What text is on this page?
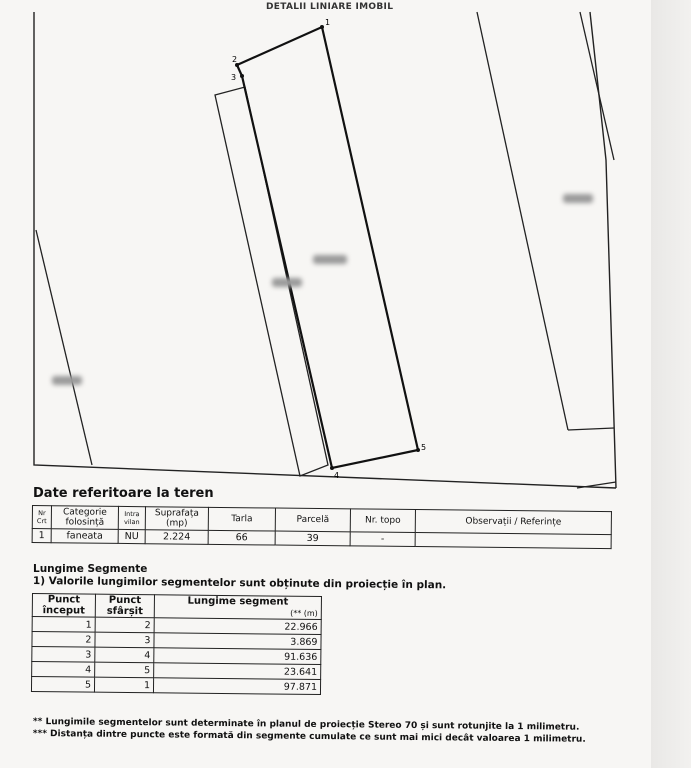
DETALII LINIARE IMOBIL
1
2
3
4
5
Date referitoare la teren
Nr Crt	Categorie folosință	Intra vilan	Suprafața (mp)	Tarla	Parcelă	Nr. topo	Observații / Referințe
1	faneata	NU	2.224	66	39	-	
Lungime Segmente
1) Valorile lungimilor segmentelor sunt obținute din proiecție în plan.
Punct început	Punct sfârșit	Lungime segment
(** (m)

1	2	22.966
2	3	3.869
3	4	91.636
4	5	23.641
5	1	97.871
** Lungimile segmentelor sunt determinate în planul de proiecție Stereo 70 și sunt rotunjite la 1 milimetru.
*** Distanța dintre puncte este formată din segmente cumulate ce sunt mai mici decât valoarea 1 milimetru.
